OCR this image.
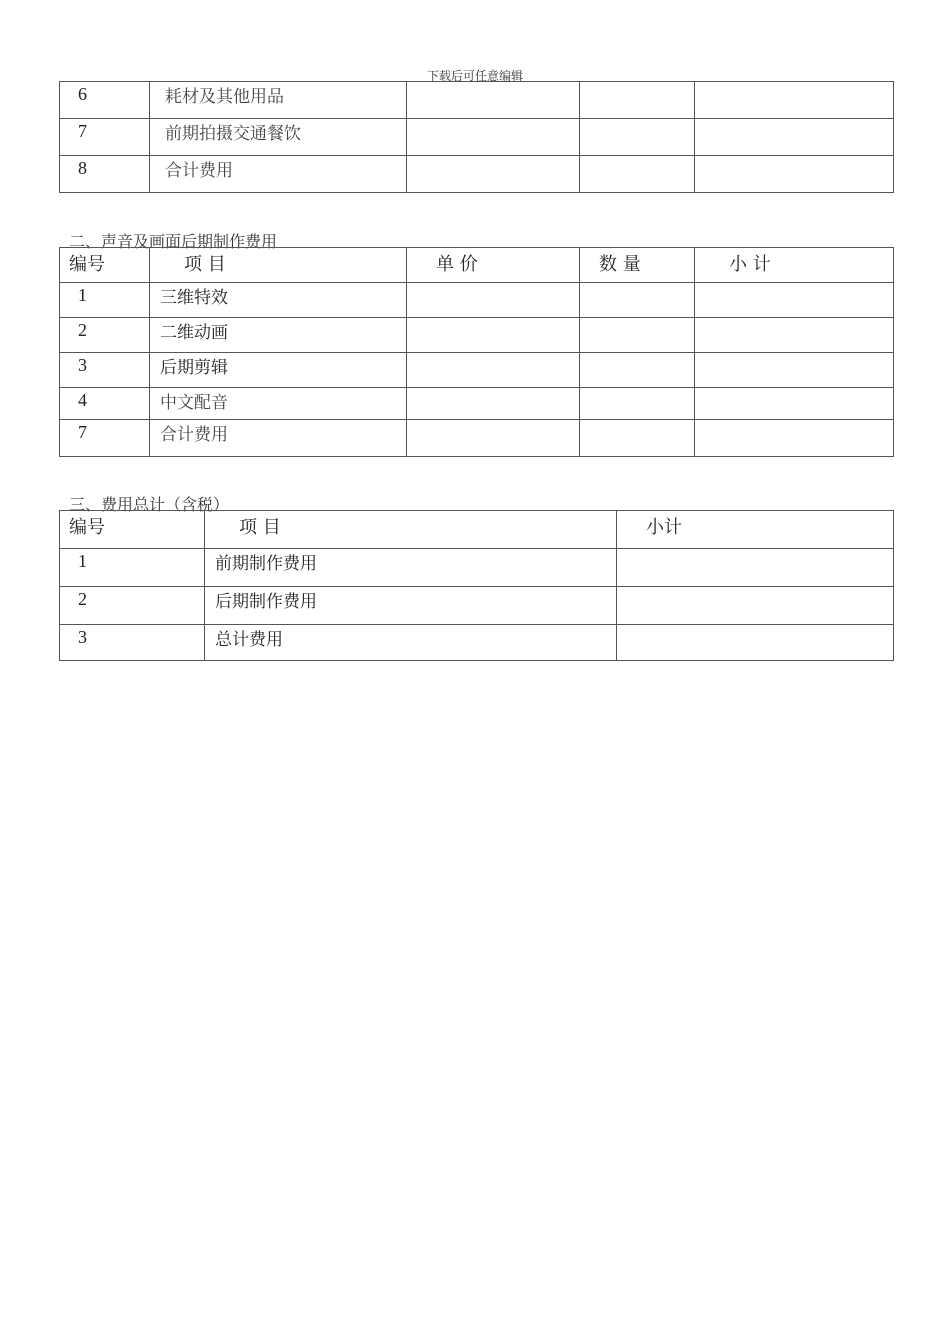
下载后可任意编辑
6	耗材及其他用品			
7	前期拍摄交通餐饮			
8	合计费用			
二、声音及画面后期制作费用
编号	项 目	单 价	数 量	小 计
1	三维特效			
2	二维动画			
3	后期剪辑			
4	中文配音			
7	合计费用			
三、费用总计（含税）
编号	项 目	小计
1	前期制作费用	
2	后期制作费用	
3	总计费用	
